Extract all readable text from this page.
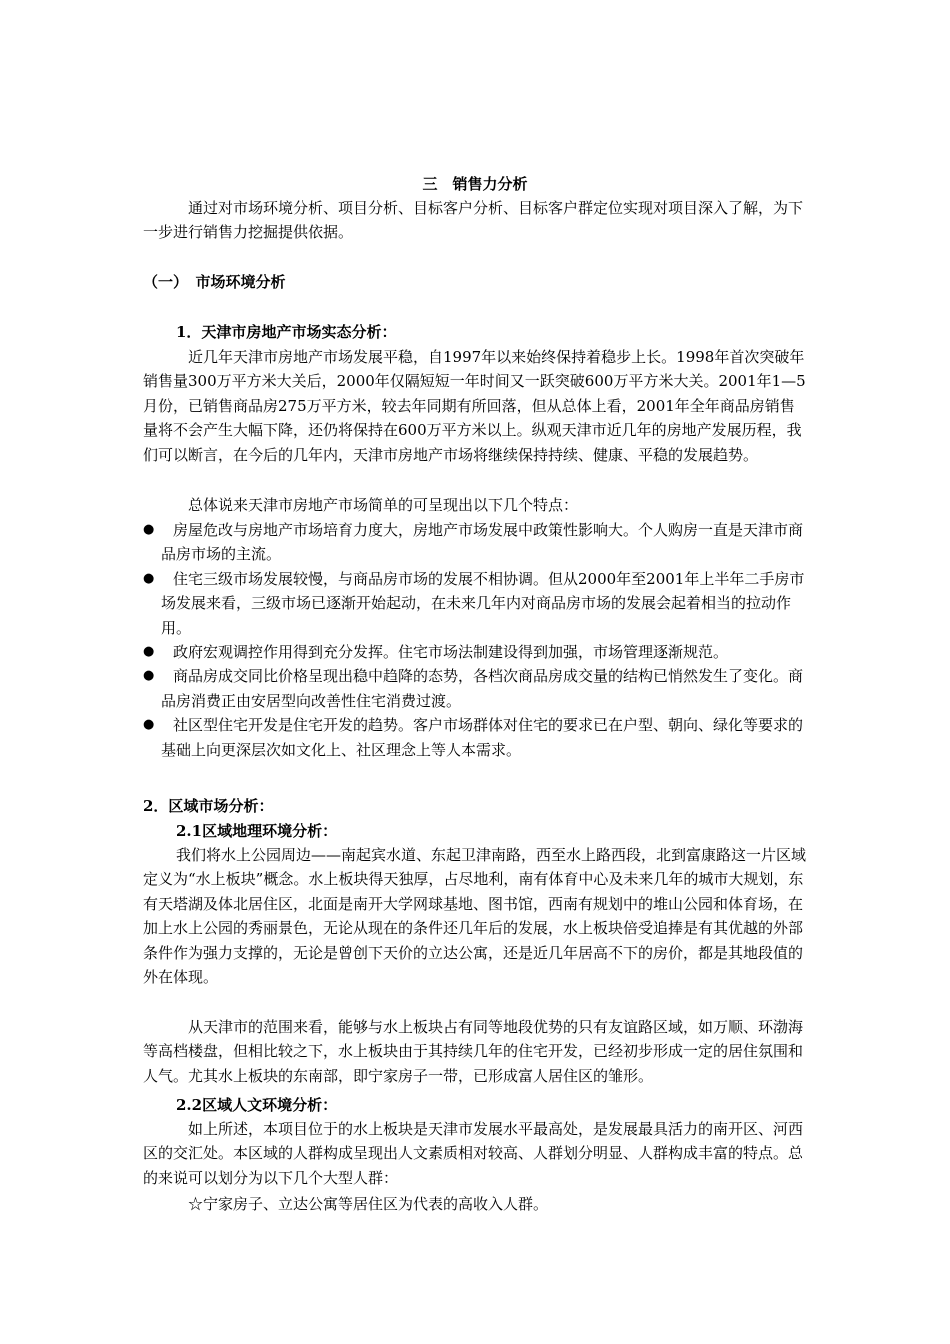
三　销售力分析

通过对市场环境分析、项目分析、目标客户分析、目标客户群定位实现对项目深入了解，为下一步进行销售力挖掘提供依据。

（一）　市场环境分析

1．天津市房地产市场实态分析：

近几年天津市房地产市场发展平稳，自1997年以来始终保持着稳步上长。1998年首次突破年销售量300万平方米大关后，2000年仅隔短短一年时间又一跃突破600万平方米大关。2001年1—5月份，已销售商品房275万平方米，较去年同期有所回落，但从总体上看，2001年全年商品房销售量将不会产生大幅下降，还仍将保持在600万平方米以上。纵观天津市近几年的房地产发展历程，我们可以断言，在今后的几年内，天津市房地产市场将继续保持持续、健康、平稳的发展趋势。

总体说来天津市房地产市场简单的可呈现出以下几个特点：

●	房屋危改与房地产市场培育力度大，房地产市场发展中政策性影响大。个人购房一直是天津市商品房市场的主流。
●	住宅三级市场发展较慢，与商品房市场的发展不相协调。但从2000年至2001年上半年二手房市场发展来看，三级市场已逐渐开始起动，在未来几年内对商品房市场的发展会起着相当的拉动作用。
●	政府宏观调控作用得到充分发挥。住宅市场法制建设得到加强，市场管理逐渐规范。
●	商品房成交同比价格呈现出稳中趋降的态势，各档次商品房成交量的结构已悄然发生了变化。商品房消费正由安居型向改善性住宅消费过渡。
●	社区型住宅开发是住宅开发的趋势。客户市场群体对住宅的要求已在户型、朝向、绿化等要求的基础上向更深层次如文化上、社区理念上等人本需求。

2．区域市场分析：

2.1区域地理环境分析：

我们将水上公园周边——南起宾水道、东起卫津南路，西至水上路西段，北到富康路这一片区域定义为“水上板块”概念。水上板块得天独厚，占尽地利，南有体育中心及未来几年的城市大规划，东有天塔湖及体北居住区，北面是南开大学网球基地、图书馆，西南有规划中的堆山公园和体育场，在加上水上公园的秀丽景色，无论从现在的条件还几年后的发展，水上板块倍受追捧是有其优越的外部条件作为强力支撑的，无论是曾创下天价的立达公寓，还是近几年居高不下的房价，都是其地段值的外在体现。

从天津市的范围来看，能够与水上板块占有同等地段优势的只有友谊路区域，如万顺、环渤海等高档楼盘，但相比较之下，水上板块由于其持续几年的住宅开发，已经初步形成一定的居住氛围和人气。尤其水上板块的东南部，即宁家房子一带，已形成富人居住区的雏形。

2.2区域人文环境分析：

如上所述，本项目位于的水上板块是天津市发展水平最高处，是发展最具活力的南开区、河西区的交汇处。本区域的人群构成呈现出人文素质相对较高、人群划分明显、人群构成丰富的特点。总的来说可以划分为以下几个大型人群：

☆宁家房子、立达公寓等居住区为代表的高收入人群。
